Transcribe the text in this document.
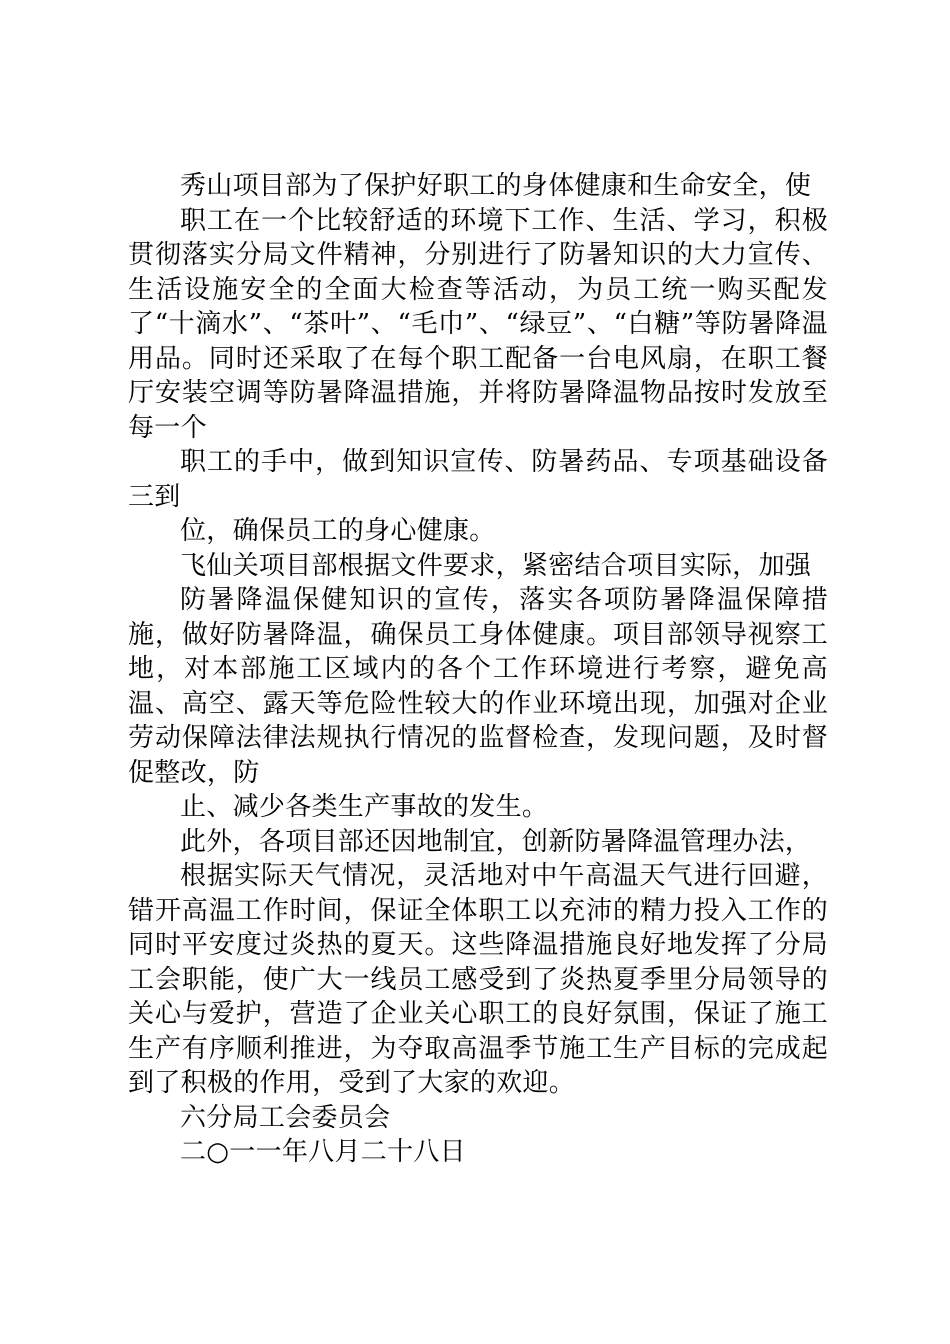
秀山项目部为了保护好职工的身体健康和生命安全，使

职工在一个比较舒适的环境下工作、生活、学习，积极贯彻落实分局文件精神，分别进行了防暑知识的大力宣传、生活设施安全的全面大检查等活动，为员工统一购买配发了“十滴水”、“茶叶”、“毛巾”、“绿豆”、“白糖”等防暑降温用品。同时还采取了在每个职工配备一台电风扇，在职工餐厅安装空调等防暑降温措施，并将防暑降温物品按时发放至每一个

职工的手中，做到知识宣传、防暑药品、专项基础设备三到

位，确保员工的身心健康。

飞仙关项目部根据文件要求，紧密结合项目实际，加强

防暑降温保健知识的宣传，落实各项防暑降温保障措施，做好防暑降温，确保员工身体健康。项目部领导视察工地，对本部施工区域内的各个工作环境进行考察，避免高温、高空、露天等危险性较大的作业环境出现，加强对企业劳动保障法律法规执行情况的监督检查，发现问题，及时督促整改，防

止、减少各类生产事故的发生。

此外，各项目部还因地制宜，创新防暑降温管理办法，

根据实际天气情况，灵活地对中午高温天气进行回避，错开高温工作时间，保证全体职工以充沛的精力投入工作的同时平安度过炎热的夏天。这些降温措施良好地发挥了分局工会职能，使广大一线员工感受到了炎热夏季里分局领导的关心与爱护，营造了企业关心职工的良好氛围，保证了施工生产有序顺利推进，为夺取高温季节施工生产目标的完成起到了积极的作用，受到了大家的欢迎。

六分局工会委员会

二○一一年八月二十八日
